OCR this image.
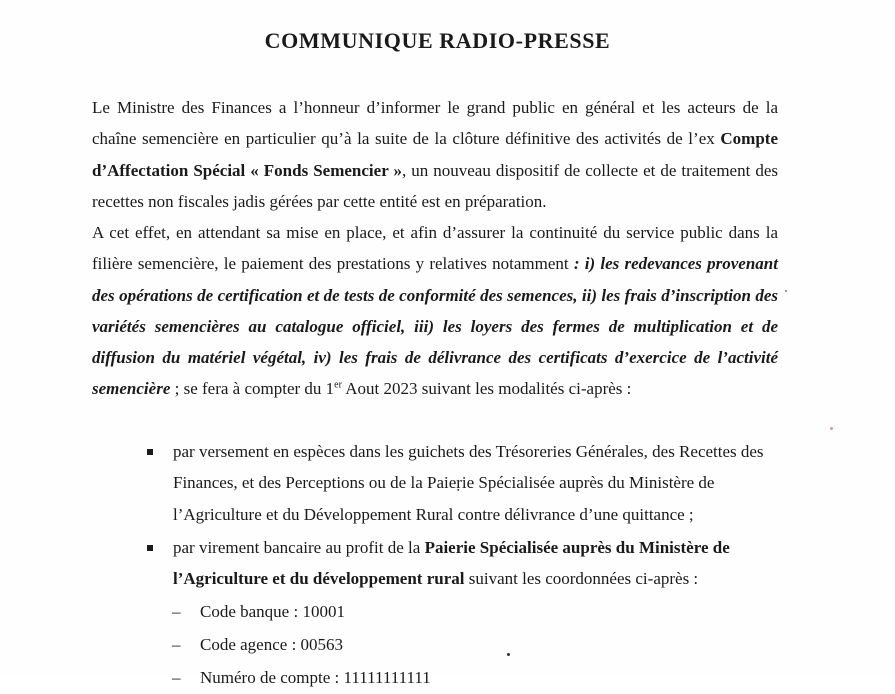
COMMUNIQUE RADIO-PRESSE

Le Ministre des Finances a l’honneur d’informer le grand public en général et les acteurs de la chaîne semencière en particulier qu’à la suite de la clôture définitive des activités de l’ex Compte d’Affectation Spécial « Fonds Semencier », un nouveau dispositif de collecte et de traitement des recettes non fiscales jadis gérées par cette entité est en préparation.

A cet effet, en attendant sa mise en place, et afin d’assurer la continuité du service public dans la filière semencière, le paiement des prestations y relatives notamment : i) les redevances provenant des opérations de certification et de tests de conformité des semences, ii) les frais d’inscription des variétés semencières au catalogue officiel, iii) les loyers des fermes de multiplication et de diffusion du matériel végétal, iv) les frais de délivrance des certificats d’exercice de l’activité semencière ; se fera à compter du 1er Aout 2023 suivant les modalités ci-après :

par versement en espèces dans les guichets des Trésoreries Générales, des Recettes des Finances, et des Perceptions ou de la Paieṛie Spécialisée auprès du Ministère de l’Agriculture et du Développement Rural contre délivrance d’une quittance ;
par virement bancaire au profit de la Paierie Spécialisée auprès du Ministère de l’Agriculture et du développement rural suivant les coordonnées ci-après :
– Code banque : 10001
– Code agence : 00563
– Numéro de compte : 11111111111
